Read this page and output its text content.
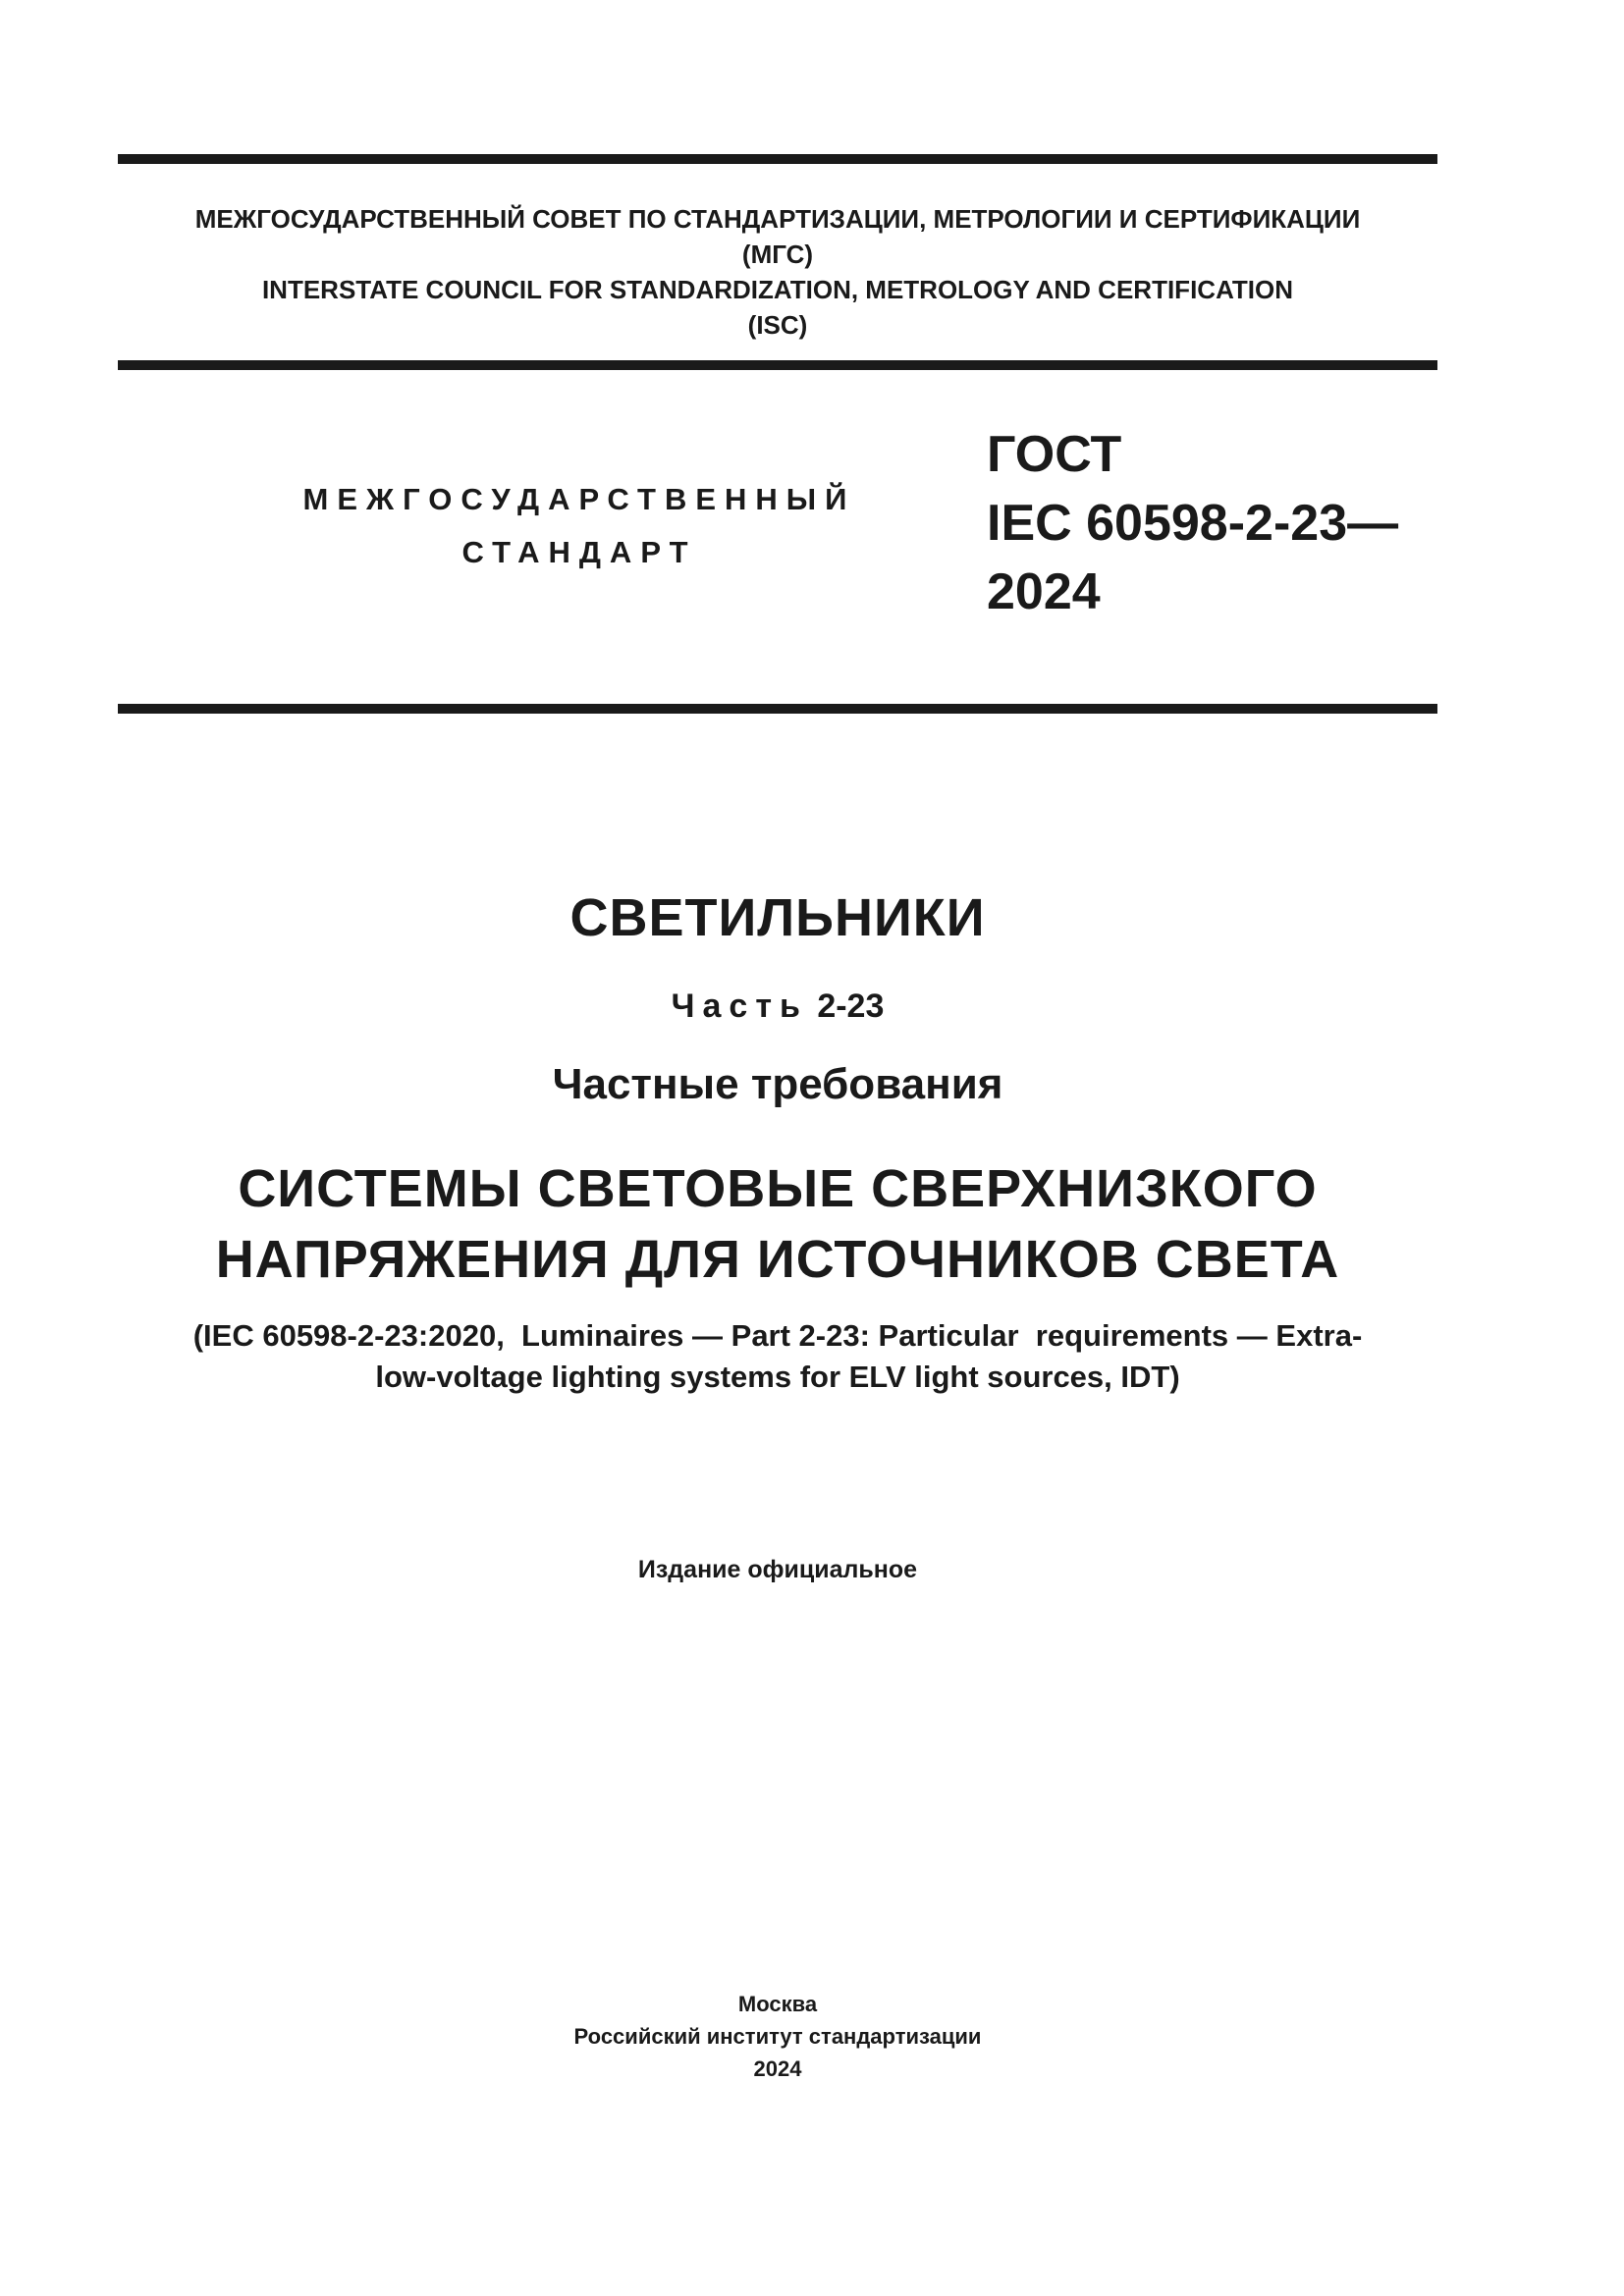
МЕЖГОСУДАРСТВЕННЫЙ СОВЕТ ПО СТАНДАРТИЗАЦИИ, МЕТРОЛОГИИ И СЕРТИФИКАЦИИ
(МГС)
INTERSTATE COUNCIL FOR STANDARDIZATION, METROLOGY AND CERTIFICATION
(ISC)
МЕЖГОСУДАРСТВЕННЫЙ
СТАНДАРТ
ГОСТ
IEC 60598-2-23—
2024
СВЕТИЛЬНИКИ
Часть 2-23
Частные требования
СИСТЕМЫ СВЕТОВЫЕ СВЕРХНИЗКОГО
НАПРЯЖЕНИЯ ДЛЯ ИСТОЧНИКОВ СВЕТА
(IEC 60598-2-23:2020,  Luminaires — Part 2-23: Particular  requirements — Extra-
low-voltage lighting systems for ELV light sources, IDT)
Издание официальное
Москва
Российский институт стандартизации
2024
